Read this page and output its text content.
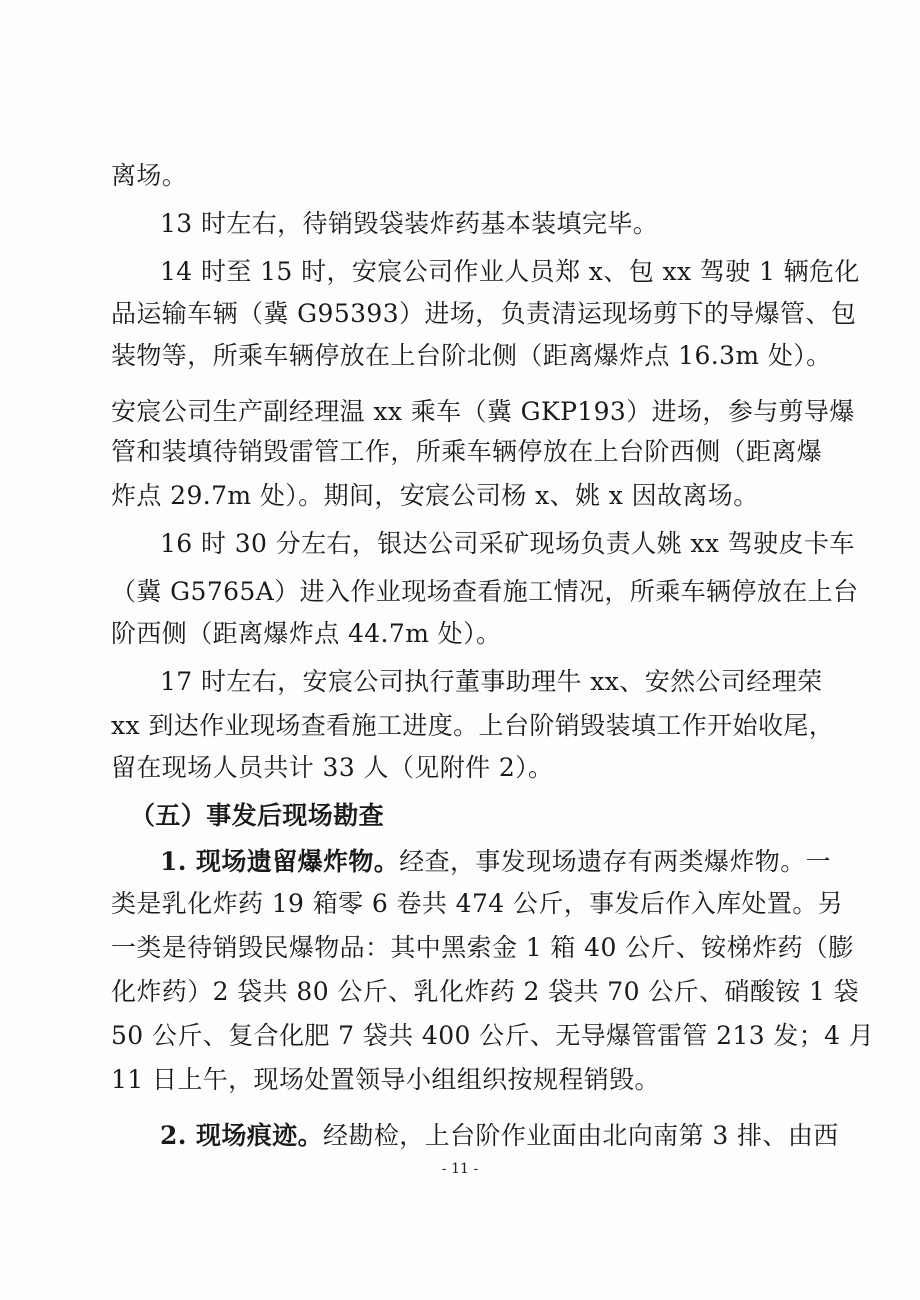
离场。
13 时左右，待销毁袋装炸药基本装填完毕。
14 时至 15 时，安宸公司作业人员郑 x、包 xx 驾驶 1 辆危化
品运输车辆（冀 G95393）进场，负责清运现场剪下的导爆管、包
装物等，所乘车辆停放在上台阶北侧（距离爆炸点 16.3m 处）。
安宸公司生产副经理温 xx 乘车（冀 GKP193）进场，参与剪导爆
管和装填待销毁雷管工作，所乘车辆停放在上台阶西侧（距离爆
炸点 29.7m 处）。期间，安宸公司杨 x、姚 x 因故离场。
16 时 30 分左右，银达公司采矿现场负责人姚 xx 驾驶皮卡车
（冀 G5765A）进入作业现场查看施工情况，所乘车辆停放在上台
阶西侧（距离爆炸点 44.7m 处）。
17 时左右，安宸公司执行董事助理牛 xx、安然公司经理荣
xx 到达作业现场查看施工进度。上台阶销毁装填工作开始收尾，
留在现场人员共计 33 人（见附件 2）。
（五）事发后现场勘查
1. 现场遗留爆炸物。经查，事发现场遗存有两类爆炸物。一
类是乳化炸药 19 箱零 6 卷共 474 公斤，事发后作入库处置。另
一类是待销毁民爆物品：其中黑索金 1 箱 40 公斤、铵梯炸药（膨
化炸药）2 袋共 80 公斤、乳化炸药 2 袋共 70 公斤、硝酸铵 1 袋
50 公斤、复合化肥 7 袋共 400 公斤、无导爆管雷管 213 发；4 月
11 日上午，现场处置领导小组组织按规程销毁。
2. 现场痕迹。经勘检，上台阶作业面由北向南第 3 排、由西
- 11 -
